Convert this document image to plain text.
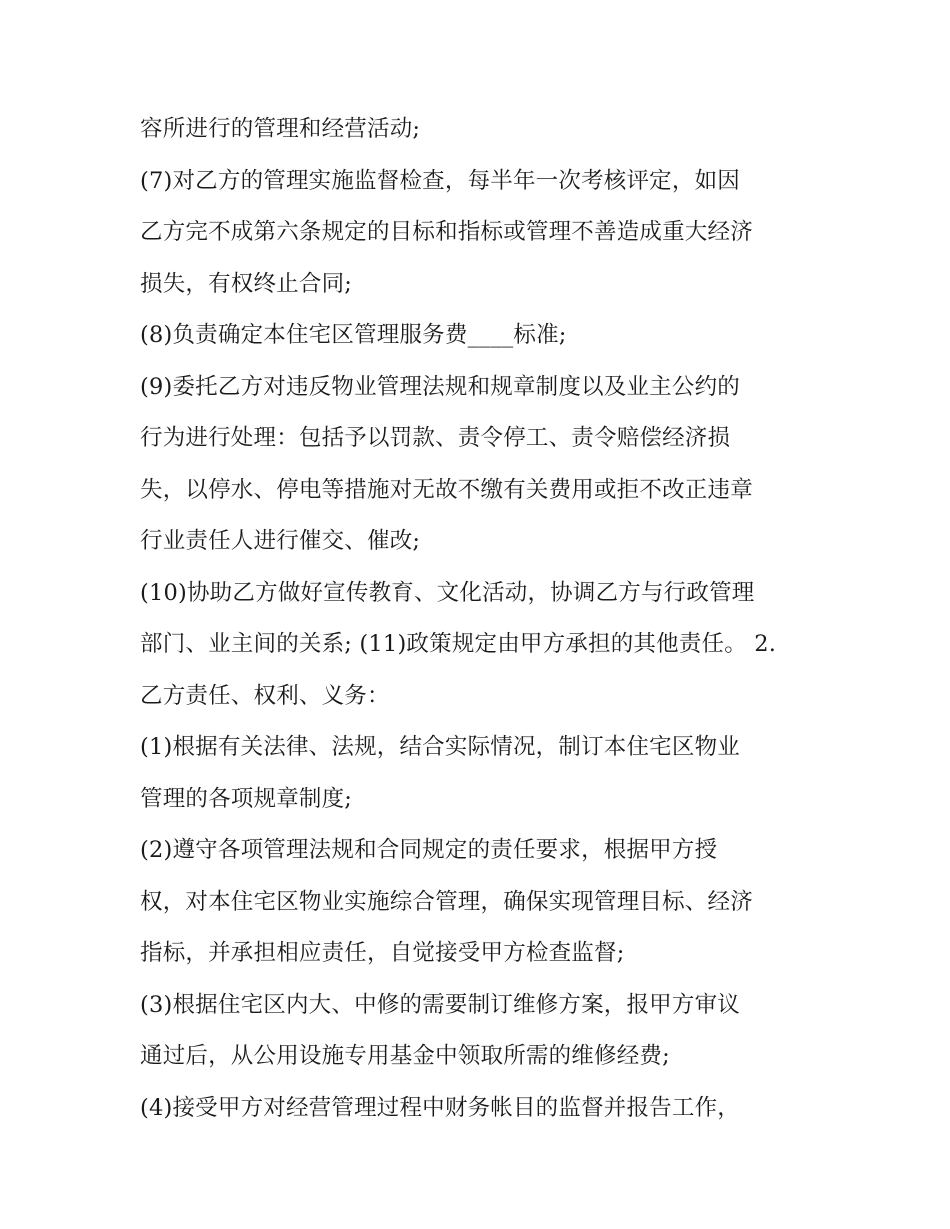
容所进行的管理和经营活动;
(7)对乙方的管理实施监督检查，每半年一次考核评定，如因
乙方完不成第六条规定的目标和指标或管理不善造成重大经济
损失，有权终止合同;
(8)负责确定本住宅区管理服务费____标准;
(9)委托乙方对违反物业管理法规和规章制度以及业主公约的
行为进行处理：包括予以罚款、责令停工、责令赔偿经济损
失，以停水、停电等措施对无故不缴有关费用或拒不改正违章
行业责任人进行催交、催改;
(10)协助乙方做好宣传教育、文化活动，协调乙方与行政管理
部门、业主间的关系; (11)政策规定由甲方承担的其他责任。 2.
乙方责任、权利、义务：
(1)根据有关法律、法规，结合实际情况，制订本住宅区物业
管理的各项规章制度;
(2)遵守各项管理法规和合同规定的责任要求，根据甲方授
权，对本住宅区物业实施综合管理，确保实现管理目标、经济
指标，并承担相应责任，自觉接受甲方检查监督;
(3)根据住宅区内大、中修的需要制订维修方案，报甲方审议
通过后，从公用设施专用基金中领取所需的维修经费;
(4)接受甲方对经营管理过程中财务帐目的监督并报告工作，
